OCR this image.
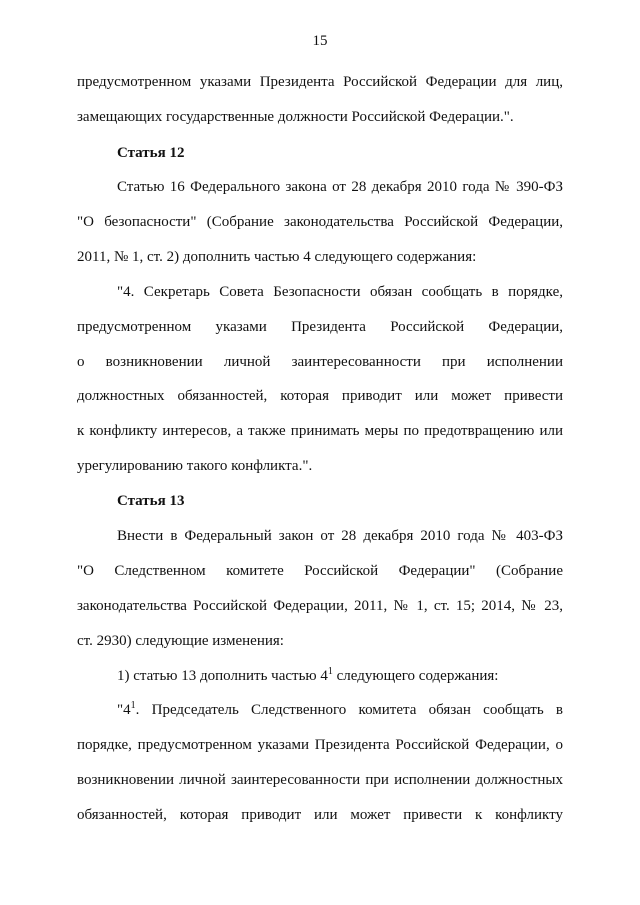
15
предусмотренном указами Президента Российской Федерации для лиц,
замещающих государственные должности Российской Федерации.".
Статья 12
Статью 16 Федерального закона от 28 декабря 2010 года № 390-ФЗ
"О безопасности" (Собрание законодательства Российской Федерации,
2011, № 1, ст. 2) дополнить частью 4 следующего содержания:
"4. Секретарь Совета Безопасности обязан сообщать в порядке,
предусмотренном указами Президента Российской Федерации,
о возникновении личной заинтересованности при исполнении
должностных обязанностей, которая приводит или может привести
к конфликту интересов, а также принимать меры по предотвращению или
урегулированию такого конфликта.".
Статья 13
Внести в Федеральный закон от 28 декабря 2010 года № 403-ФЗ
"О Следственном комитете Российской Федерации" (Собрание
законодательства Российской Федерации, 2011, № 1, ст. 15; 2014, № 23,
ст. 2930) следующие изменения:
1) статью 13 дополнить частью $4^1$ следующего содержания:
"$4^1$. Председатель Следственного комитета обязан сообщать в
порядке, предусмотренном указами Президента Российской Федерации, о
возникновении личной заинтересованности при исполнении должностных
обязанностей, которая приводит или может привести к конфликту
